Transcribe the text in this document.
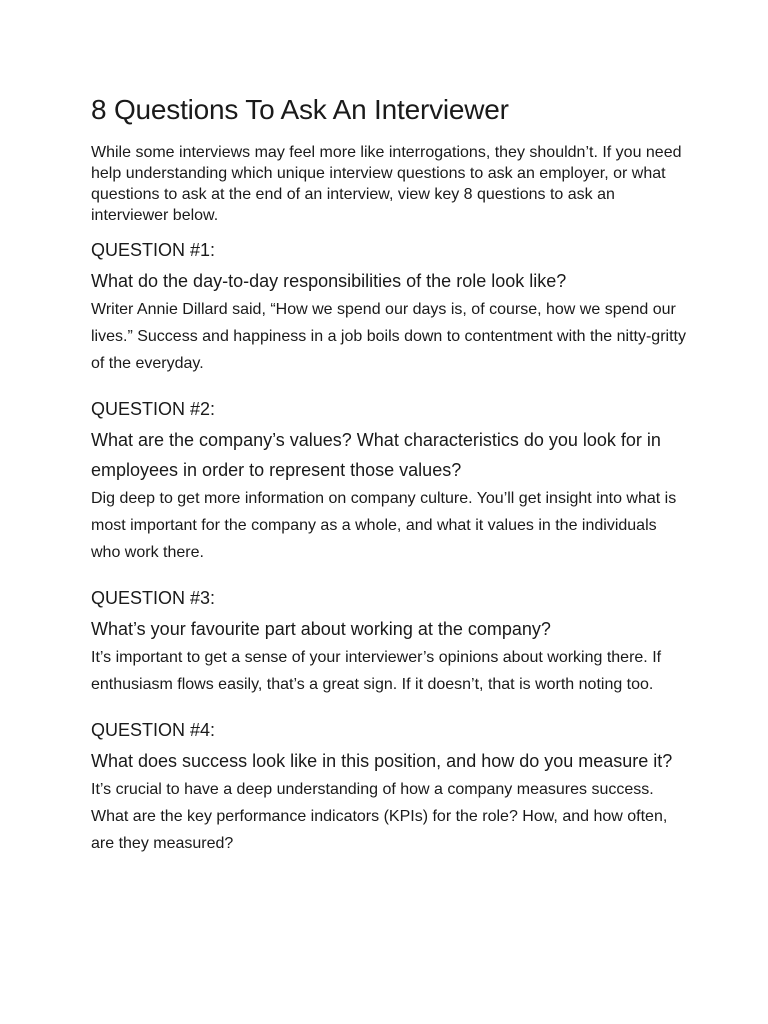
8 Questions To Ask An Interviewer

While some interviews may feel more like interrogations, they shouldn’t. If you need help understanding which unique interview questions to ask an employer, or what questions to ask at the end of an interview, view key 8 questions to ask an interviewer below.

QUESTION #1:
What do the day-to-day responsibilities of the role look like?

Writer Annie Dillard said, “How we spend our days is, of course, how we spend our lives.” Success and happiness in a job boils down to contentment with the nitty-gritty of the everyday.

QUESTION #2:
What are the company’s values? What characteristics do you look for in employees in order to represent those values?

Dig deep to get more information on company culture. You’ll get insight into what is most important for the company as a whole, and what it values in the individuals who work there.

QUESTION #3:
What’s your favourite part about working at the company?

It’s important to get a sense of your interviewer’s opinions about working there. If enthusiasm flows easily, that’s a great sign. If it doesn’t, that is worth noting too.

QUESTION #4:
What does success look like in this position, and how do you measure it?

It’s crucial to have a deep understanding of how a company measures success. What are the key performance indicators (KPIs) for the role? How, and how often, are they measured?
